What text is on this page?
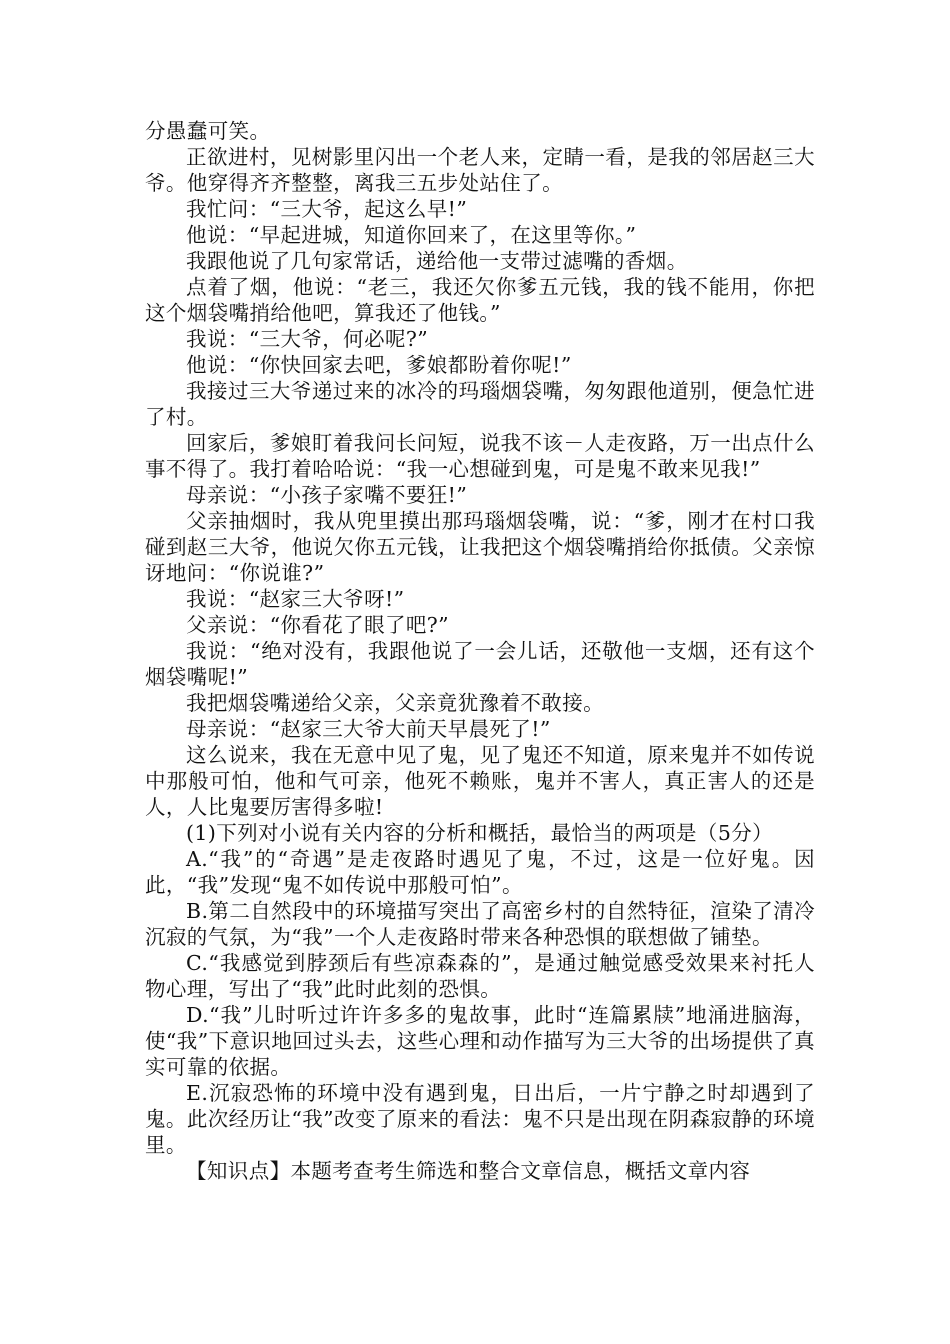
分愚蠢可笑。

正欲进村，见树影里闪出一个老人来，定睛一看，是我的邻居赵三大爷。他穿得齐齐整整，离我三五步处站住了。

我忙问：“三大爷，起这么早!”

他说：“早起进城，知道你回来了，在这里等你。”

我跟他说了几句家常话，递给他一支带过滤嘴的香烟。

点着了烟，他说：“老三，我还欠你爹五元钱，我的钱不能用，你把这个烟袋嘴捎给他吧，算我还了他钱。”

我说：“三大爷，何必呢?”

他说：“你快回家去吧，爹娘都盼着你呢!”

我接过三大爷递过来的冰冷的玛瑙烟袋嘴，匆匆跟他道别，便急忙进了村。

回家后，爹娘盯着我问长问短，说我不该－人走夜路，万一出点什么事不得了。我打着哈哈说：“我一心想碰到鬼，可是鬼不敢来见我!”

母亲说：“小孩子家嘴不要狂!”

父亲抽烟时，我从兜里摸出那玛瑙烟袋嘴，说：“爹，刚才在村口我碰到赵三大爷，他说欠你五元钱，让我把这个烟袋嘴捎给你抵债。父亲惊讶地问：“你说谁?”

我说：“赵家三大爷呀!”

父亲说：“你看花了眼了吧?”

我说：“绝对没有，我跟他说了一会儿话，还敬他一支烟，还有这个烟袋嘴呢!”

我把烟袋嘴递给父亲，父亲竟犹豫着不敢接。

母亲说：“赵家三大爷大前天早晨死了!”

这么说来，我在无意中见了鬼，见了鬼还不知道，原来鬼并不如传说中那般可怕，他和气可亲，他死不赖账，鬼并不害人，真正害人的还是人，人比鬼要厉害得多啦!

(1)下列对小说有关内容的分析和概括，最恰当的两项是（5分）

A.“我”的“奇遇”是走夜路时遇见了鬼，不过，这是一位好鬼。因此，“我”发现“鬼不如传说中那般可怕”。

B.第二自然段中的环境描写突出了高密乡村的自然特征，渲染了清冷沉寂的气氛，为“我”一个人走夜路时带来各种恐惧的联想做了铺垫。

C.“我感觉到脖颈后有些凉森森的”，是通过触觉感受效果来衬托人物心理，写出了“我”此时此刻的恐惧。

D.“我”儿时听过许许多多的鬼故事，此时“连篇累牍”地涌进脑海，使“我”下意识地回过头去，这些心理和动作描写为三大爷的出场提供了真实可靠的依据。

E.沉寂恐怖的环境中没有遇到鬼，日出后，一片宁静之时却遇到了鬼。此次经历让“我”改变了原来的看法：鬼不只是出现在阴森寂静的环境里。

【知识点】本题考查考生筛选和整合文章信息，概括文章内容
